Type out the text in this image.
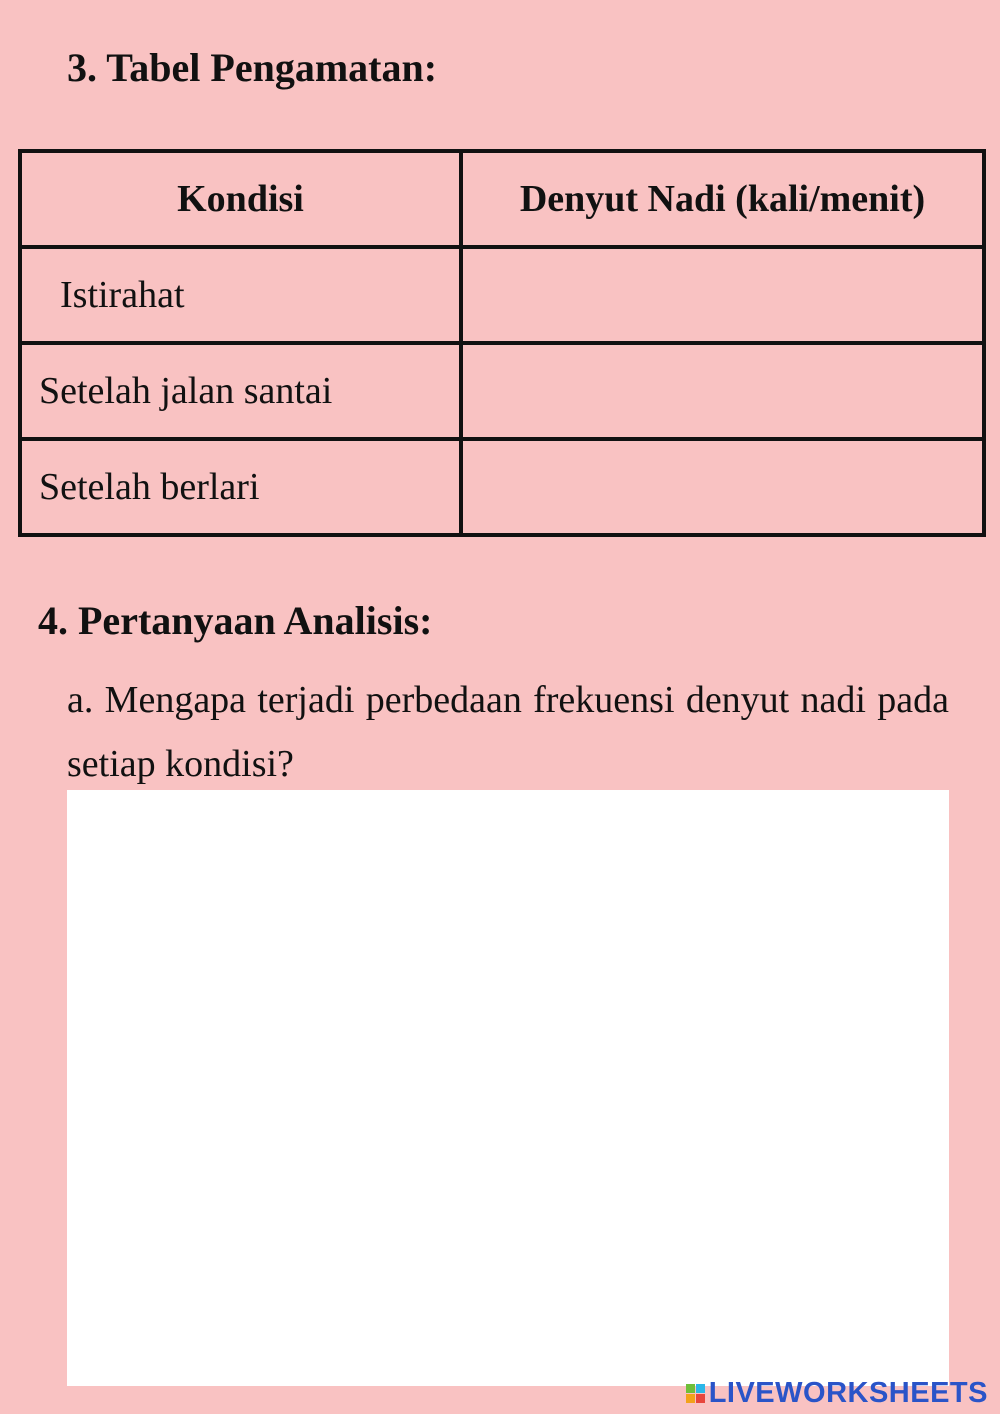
3. Tabel Pengamatan:
Kondisi	Denyut Nadi (kali/menit)
Istirahat	
Setelah jalan santai	
Setelah berlari	
4. Pertanyaan Analisis:

a. Mengapa terjadi perbedaan frekuensi denyut nadi pada setiap kondisi?

LIVEWORKSHEETS
